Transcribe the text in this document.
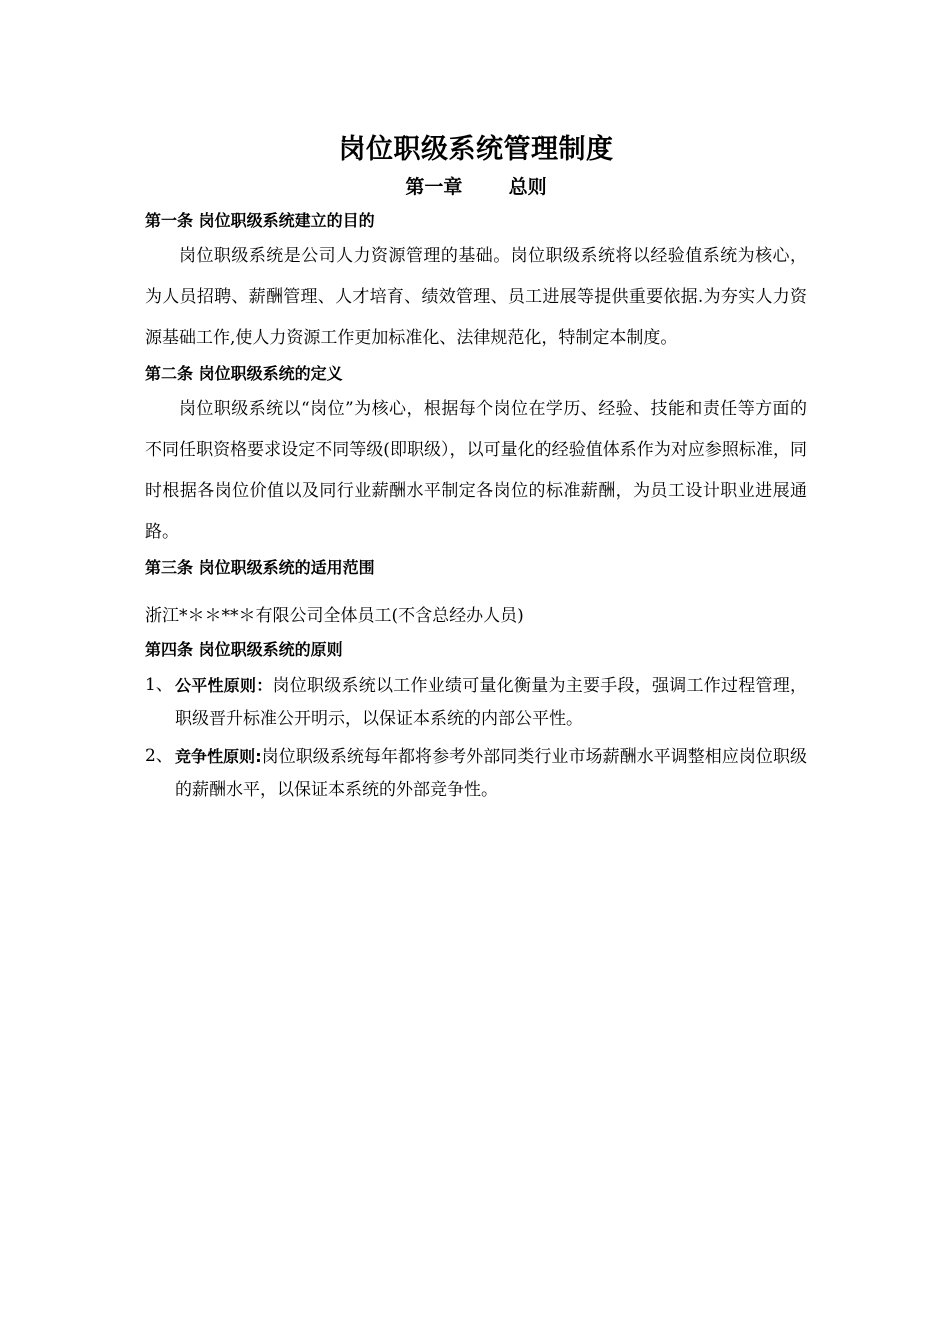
岗位职级系统管理制度
第一章       总则
第一条 岗位职级系统建立的目的

岗位职级系统是公司人力资源管理的基础。岗位职级系统将以经验值系统为核心，为人员招聘、薪酬管理、人才培育、绩效管理、员工进展等提供重要依据.为夯实人力资源基础工作,使人力资源工作更加标准化、法律规范化，特制定本制度。

第二条 岗位职级系统的定义

岗位职级系统以“岗位”为核心，根据每个岗位在学历、经验、技能和责任等方面的不同任职资格要求设定不同等级(即职级），以可量化的经验值体系作为对应参照标准，同时根据各岗位价值以及同行业薪酬水平制定各岗位的标准薪酬，为员工设计职业进展通路。

第三条 岗位职级系统的适用范围

浙江*＊＊**＊有限公司全体员工(不含总经办人员)

第四条 岗位职级系统的原则
1、 公平性原则：岗位职级系统以工作业绩可量化衡量为主要手段，强调工作过程管理，职级晋升标准公开明示，以保证本系统的内部公平性。
2、 竞争性原则:岗位职级系统每年都将参考外部同类行业市场薪酬水平调整相应岗位职级的薪酬水平，以保证本系统的外部竞争性。
